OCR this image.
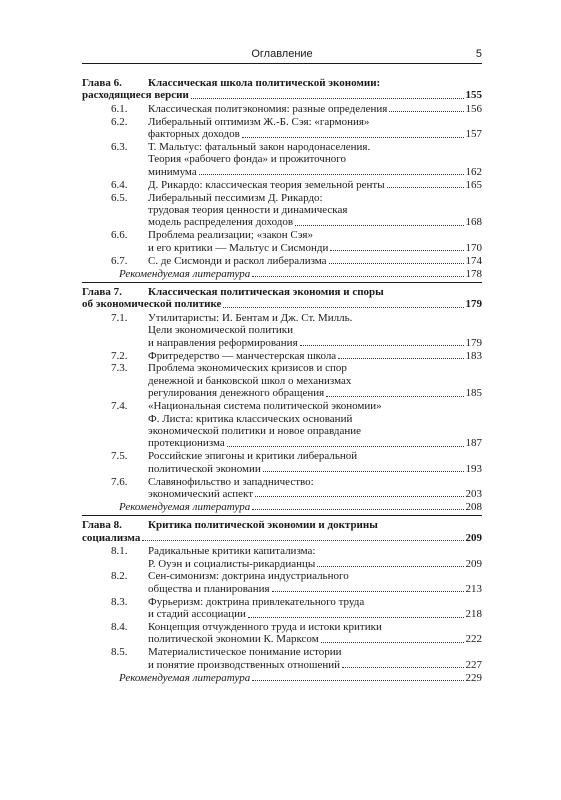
Оглавление	5
Глава 6.	Классическая школа политической экономии:
расходящиеся версии	155
6.1.	Классическая политэкономия: разные определения	156
6.2.	Либеральный оптимизм Ж.-Б. Сэя: «гармония»
факторных доходов	157
6.3.	Т. Мальтус: фатальный закон народонаселения.
Теория «рабочего фонда» и прожиточного
минимума	162
6.4.	Д. Рикардо: классическая теория земельной ренты	165
6.5.	Либеральный пессимизм Д. Рикардо:
трудовая теория ценности и динамическая
модель распределения доходов	168
6.6.	Проблема реализации; «закон Сэя»
и его критики — Мальтус и Сисмонди	170
6.7.	С. де Сисмонди и раскол либерализма	174
Рекомендуемая литература	178
Глава 7.	Классическая политическая экономия и споры
об экономической политике	179
7.1.	Утилитаристы: И. Бентам и Дж. Ст. Милль.
Цели экономической политики
и направления реформирования	179
7.2.	Фритредерство — манчестерская школа	183
7.3.	Проблема экономических кризисов и спор
денежной и банковской школ о механизмах
регулирования денежного обращения	185
7.4.	«Национальная система политической экономии»
Ф. Листа: критика классических оснований
экономической политики и новое оправдание
протекционизма	187
7.5.	Российские эпигоны и критики либеральной
политической экономии	193
7.6.	Славянофильство и западничество:
экономический аспект	203
Рекомендуемая литература	208
Глава 8.	Критика политической экономии и доктрины
социализма	209
8.1.	Радикальные критики капитализма:
Р. Оуэн и социалисты-рикардианцы	209
8.2.	Сен-симонизм: доктрина индустриального
общества и планирования	213
8.3.	Фурьеризм: доктрина привлекательного труда
и стадий ассоциации	218
8.4.	Концепция отчужденного труда и истоки критики
политической экономии К. Марксом	222
8.5.	Материалистическое понимание истории
и понятие производственных отношений	227
Рекомендуемая литература	229
